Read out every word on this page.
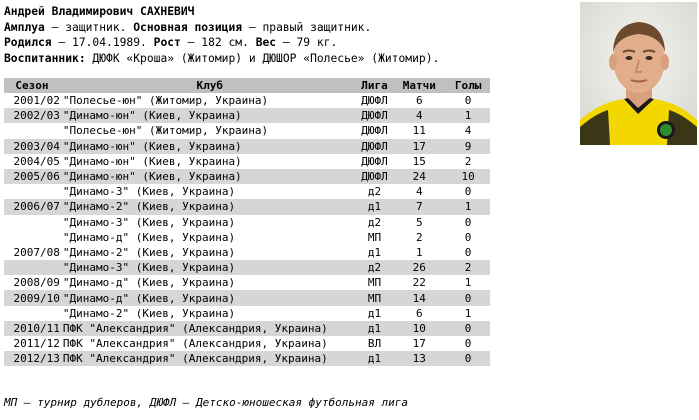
Андрей Владимирович САХНЕВИЧ
Амплуа – защитник. Основная позиция – правый защитник.
Родился – 17.04.1989. Рост – 182 см. Вес – 79 кг.
Воспитанник: ДЮФК «Кроша» (Житомир) и ДЮШОР «Полесье» (Житомир).
Сезон	Клуб	Лига	Матчи	Голы
2001/02	"Полесье-юн" (Житомир, Украина)	ДЮФЛ	6	0
2002/03	"Динамо-юн" (Киев, Украина)	ДЮФЛ	4	1
	"Полесье-юн" (Житомир, Украина)	ДЮФЛ	11	4
2003/04	"Динамо-юн" (Киев, Украина)	ДЮФЛ	17	9
2004/05	"Динамо-юн" (Киев, Украина)	ДЮФЛ	15	2
2005/06	"Динамо-юн" (Киев, Украина)	ДЮФЛ	24	10
	"Динамо-3" (Киев, Украина)	д2	4	0
2006/07	"Динамо-2" (Киев, Украина)	д1	7	1
	"Динамо-3" (Киев, Украина)	д2	5	0
	"Динамо-д" (Киев, Украина)	МП	2	0
2007/08	"Динамо-2" (Киев, Украина)	д1	1	0
	"Динамо-3" (Киев, Украина)	д2	26	2
2008/09	"Динамо-д" (Киев, Украина)	МП	22	1
2009/10	"Динамо-д" (Киев, Украина)	МП	14	0
	"Динамо-2" (Киев, Украина)	д1	6	1
2010/11	ПФК "Александрия" (Александрия, Украина)	д1	10	0
2011/12	ПФК "Александрия" (Александрия, Украина)	ВЛ	17	0
2012/13	ПФК "Александрия" (Александрия, Украина)	д1	13	0
МП – турнир дублеров, ДЮФЛ – Детско-юношеская футбольная лига
